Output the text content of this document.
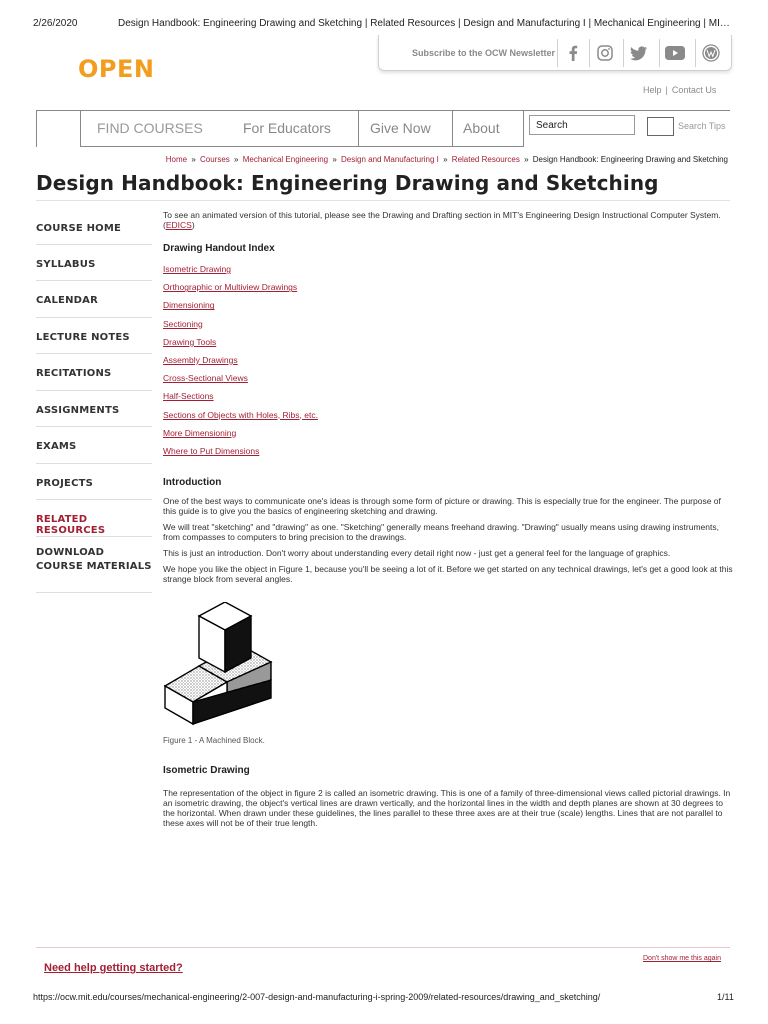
2/26/2020	Design Handbook: Engineering Drawing and Sketching | Related Resources | Design and Manufacturing I | Mechanical Engineering | MI…
OPEN
Subscribe to the OCW Newsletter
Help | Contact Us
FIND COURSES	For Educators	Give Now	About
Search	Search Tips
Home » Courses » Mechanical Engineering » Design and Manufacturing I » Related Resources » Design Handbook: Engineering Drawing and Sketching
Design Handbook: Engineering Drawing and Sketching
COURSE HOME
SYLLABUS
CALENDAR
LECTURE NOTES
RECITATIONS
ASSIGNMENTS
EXAMS
PROJECTS
RELATED RESOURCES
DOWNLOAD COURSE MATERIALS

To see an animated version of this tutorial, please see the Drawing and Drafting section in MIT's Engineering Design Instructional Computer System. (EDICS)

Drawing Handout Index
Isometric Drawing
Orthographic or Multiview Drawings
Dimensioning
Sectioning
Drawing Tools
Assembly Drawings
Cross-Sectional Views
Half-Sections
Sections of Objects with Holes, Ribs, etc.
More Dimensioning
Where to Put Dimensions
Introduction

One of the best ways to communicate one's ideas is through some form of picture or drawing. This is especially true for the engineer. The purpose of this guide is to give you the basics of engineering sketching and drawing.

We will treat "sketching" and "drawing" as one. "Sketching" generally means freehand drawing. "Drawing" usually means using drawing instruments, from compasses to computers to bring precision to the drawings.

This is just an introduction. Don't worry about understanding every detail right now - just get a general feel for the language of graphics.

We hope you like the object in Figure 1, because you'll be seeing a lot of it. Before we get started on any technical drawings, let's get a good look at this strange block from several angles.

Figure 1 - A Machined Block.
Isometric Drawing

The representation of the object in figure 2 is called an isometric drawing. This is one of a family of three-dimensional views called pictorial drawings. In an isometric drawing, the object's vertical lines are drawn vertically, and the horizontal lines in the width and depth planes are shown at 30 degrees to the horizontal. When drawn under these guidelines, the lines parallel to these three axes are at their true (scale) lengths. Lines that are not parallel to these axes will not be of their true length.

Need help getting started?
Don't show me this again
https://ocw.mit.edu/courses/mechanical-engineering/2-007-design-and-manufacturing-i-spring-2009/related-resources/drawing_and_sketching/	1/11
